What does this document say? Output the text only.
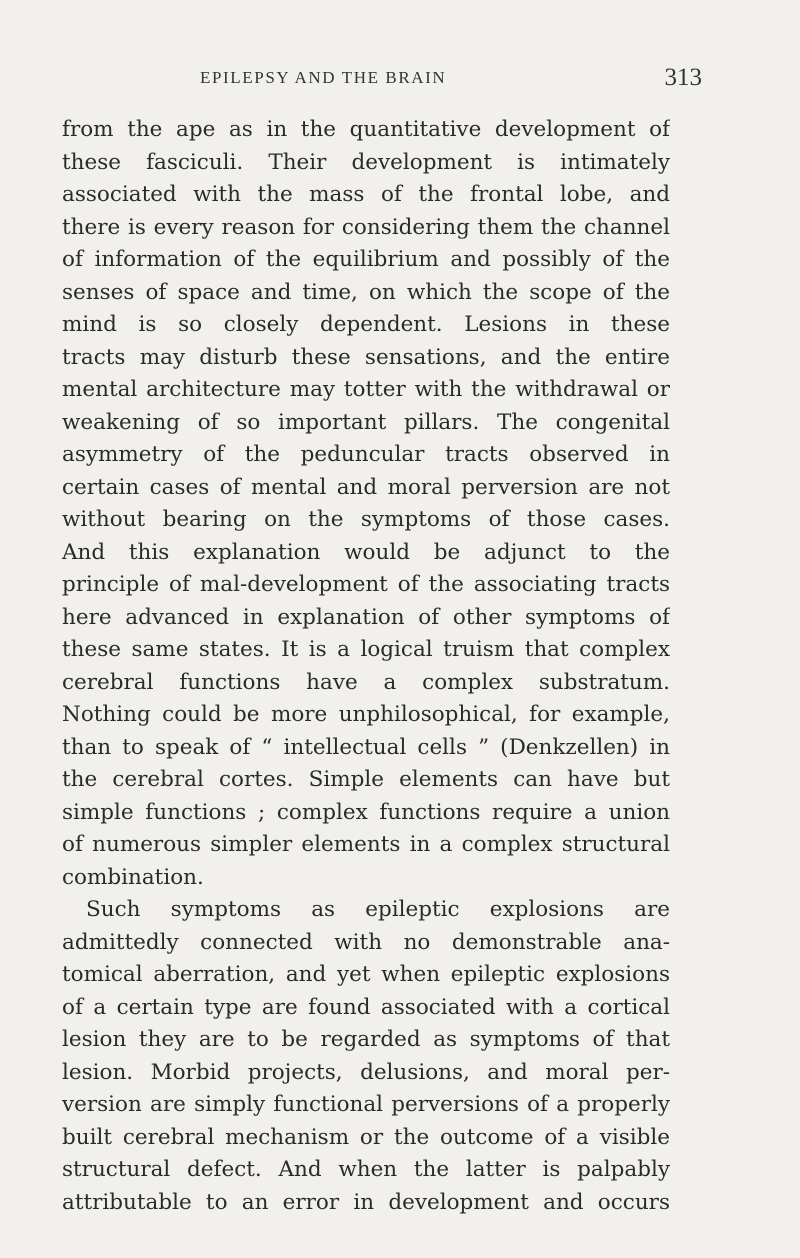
EPILEPSY AND THE BRAIN	313
from the ape as in the quantitative development of
these fasciculi. Their development is intimately
associated with the mass of the frontal lobe, and
there is every reason for considering them the channel
of information of the equilibrium and possibly of the
senses of space and time, on which the scope of the
mind is so closely dependent. Lesions in these
tracts may disturb these sensations, and the entire
mental architecture may totter with the withdrawal or
weakening of so important pillars. The congenital
asymmetry of the peduncular tracts observed in
certain cases of mental and moral perversion are not
without bearing on the symptoms of those cases.
And this explanation would be adjunct to the
principle of mal-development of the associating tracts
here advanced in explanation of other symptoms of
these same states. It is a logical truism that complex
cerebral functions have a complex substratum.
Nothing could be more unphilosophical, for example,
than to speak of “ intellectual cells ” (Denkzellen) in
the cerebral cortes. Simple elements can have but
simple functions ; complex functions require a union
of numerous simpler elements in a complex structural
combination.
Such symptoms as epileptic explosions are
admittedly connected with no demonstrable ana-
tomical aberration, and yet when epileptic explosions
of a certain type are found associated with a cortical
lesion they are to be regarded as symptoms of that
lesion. Morbid projects, delusions, and moral per-
version are simply functional perversions of a properly
built cerebral mechanism or the outcome of a visible
structural defect. And when the latter is palpably
attributable to an error in development and occurs
